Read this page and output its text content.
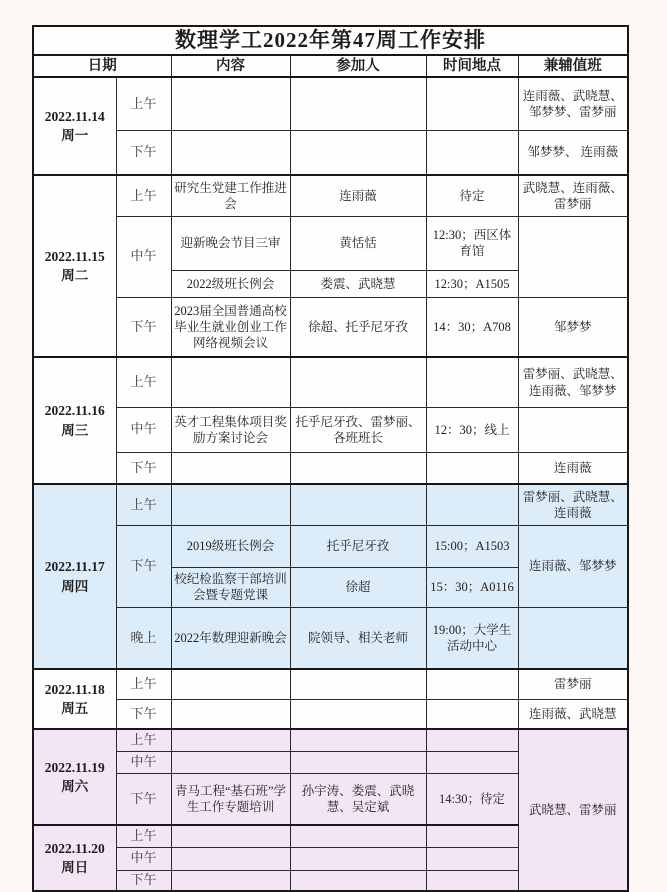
数理学工2022年第47周工作安排					
日期		内容	参加人	时间地点	兼辅值班

2022.11.14
周一	上午				连雨薇、武晓慧、邹梦梦、雷梦丽
	下午				邹梦梦、 连雨薇

2022.11.15
周二	上午	研究生党建工作推进会	连雨薇	待定	武晓慧、连雨薇、雷梦丽
	中午	迎新晚会节目三审	黄恬恬	12:30；西区体育馆	
		2022级班长例会	娄震、武晓慧	12:30；A1505	
	下午	2023届全国普通高校毕业生就业创业工作网络视频会议	徐超、托乎尼牙孜	14：30；A708	邹梦梦

2022.11.16
周三	上午				雷梦丽、武晓慧、连雨薇、邹梦梦
	中午	英才工程集体项目奖励方案讨论会	托乎尼牙孜、雷梦丽、各班班长	12：30；线上	
	下午				连雨薇

2022.11.17
周四	上午				雷梦丽、武晓慧、连雨薇
	下午	2019级班长例会	托乎尼牙孜	15:00；A1503	连雨薇、邹梦梦
		校纪检监察干部培训会暨专题党课	徐超	15：30；A0116	
	晚上	2022年数理迎新晚会	院领导、相关老师	19:00；大学生活动中心	

2022.11.18
周五	上午				雷梦丽
	下午				连雨薇、武晓慧

2022.11.19
周六	上午				武晓慧、雷梦丽
	中午				
	下午	青马工程“基石班”学生工作专题培训	孙宇涛、娄震、武晓慧、吴定斌	14:30；待定	

2022.11.20
周日	上午				
	中午				
	下午				
